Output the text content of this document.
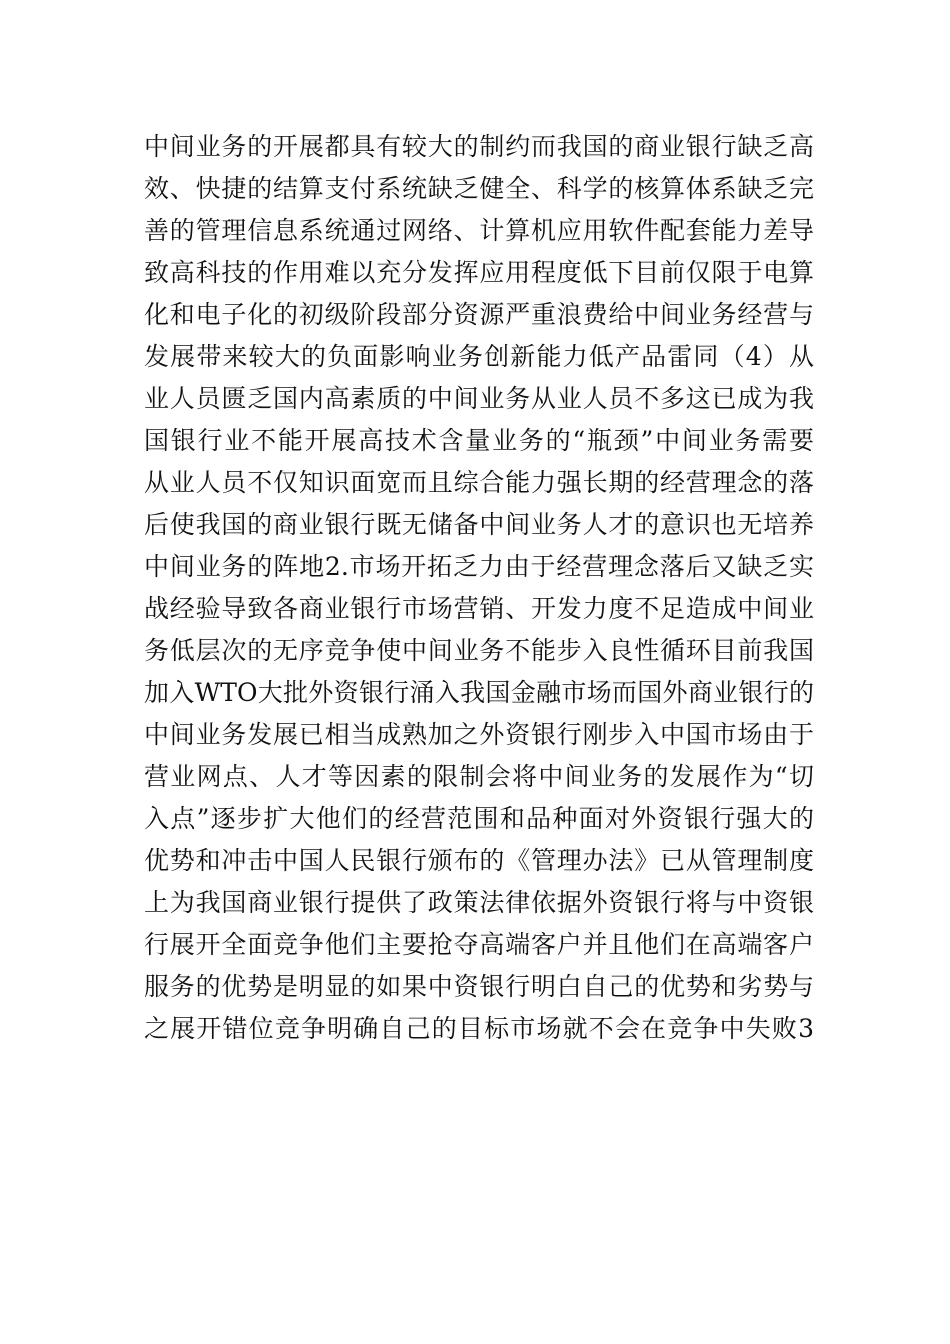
中间业务的开展都具有较大的制约而我国的商业银行缺乏高
效、快捷的结算支付系统缺乏健全、科学的核算体系缺乏完
善的管理信息系统通过网络、计算机应用软件配套能力差导
致高科技的作用难以充分发挥应用程度低下目前仅限于电算
化和电子化的初级阶段部分资源严重浪费给中间业务经营与
发展带来较大的负面影响业务创新能力低产品雷同（4）从
业人员匮乏国内高素质的中间业务从业人员不多这已成为我
国银行业不能开展高技术含量业务的“瓶颈”中间业务需要
从业人员不仅知识面宽而且综合能力强长期的经营理念的落
后使我国的商业银行既无储备中间业务人才的意识也无培养
中间业务的阵地2.市场开拓乏力由于经营理念落后又缺乏实
战经验导致各商业银行市场营销、开发力度不足造成中间业
务低层次的无序竞争使中间业务不能步入良性循环目前我国
加入WTO大批外资银行涌入我国金融市场而国外商业银行的
中间业务发展已相当成熟加之外资银行刚步入中国市场由于
营业网点、人才等因素的限制会将中间业务的发展作为“切
入点”逐步扩大他们的经营范围和品种面对外资银行强大的
优势和冲击中国人民银行颁布的《管理办法》已从管理制度
上为我国商业银行提供了政策法律依据外资银行将与中资银
行展开全面竞争他们主要抢夺高端客户并且他们在高端客户
服务的优势是明显的如果中资银行明白自己的优势和劣势与
之展开错位竞争明确自己的目标市场就不会在竞争中失败3
